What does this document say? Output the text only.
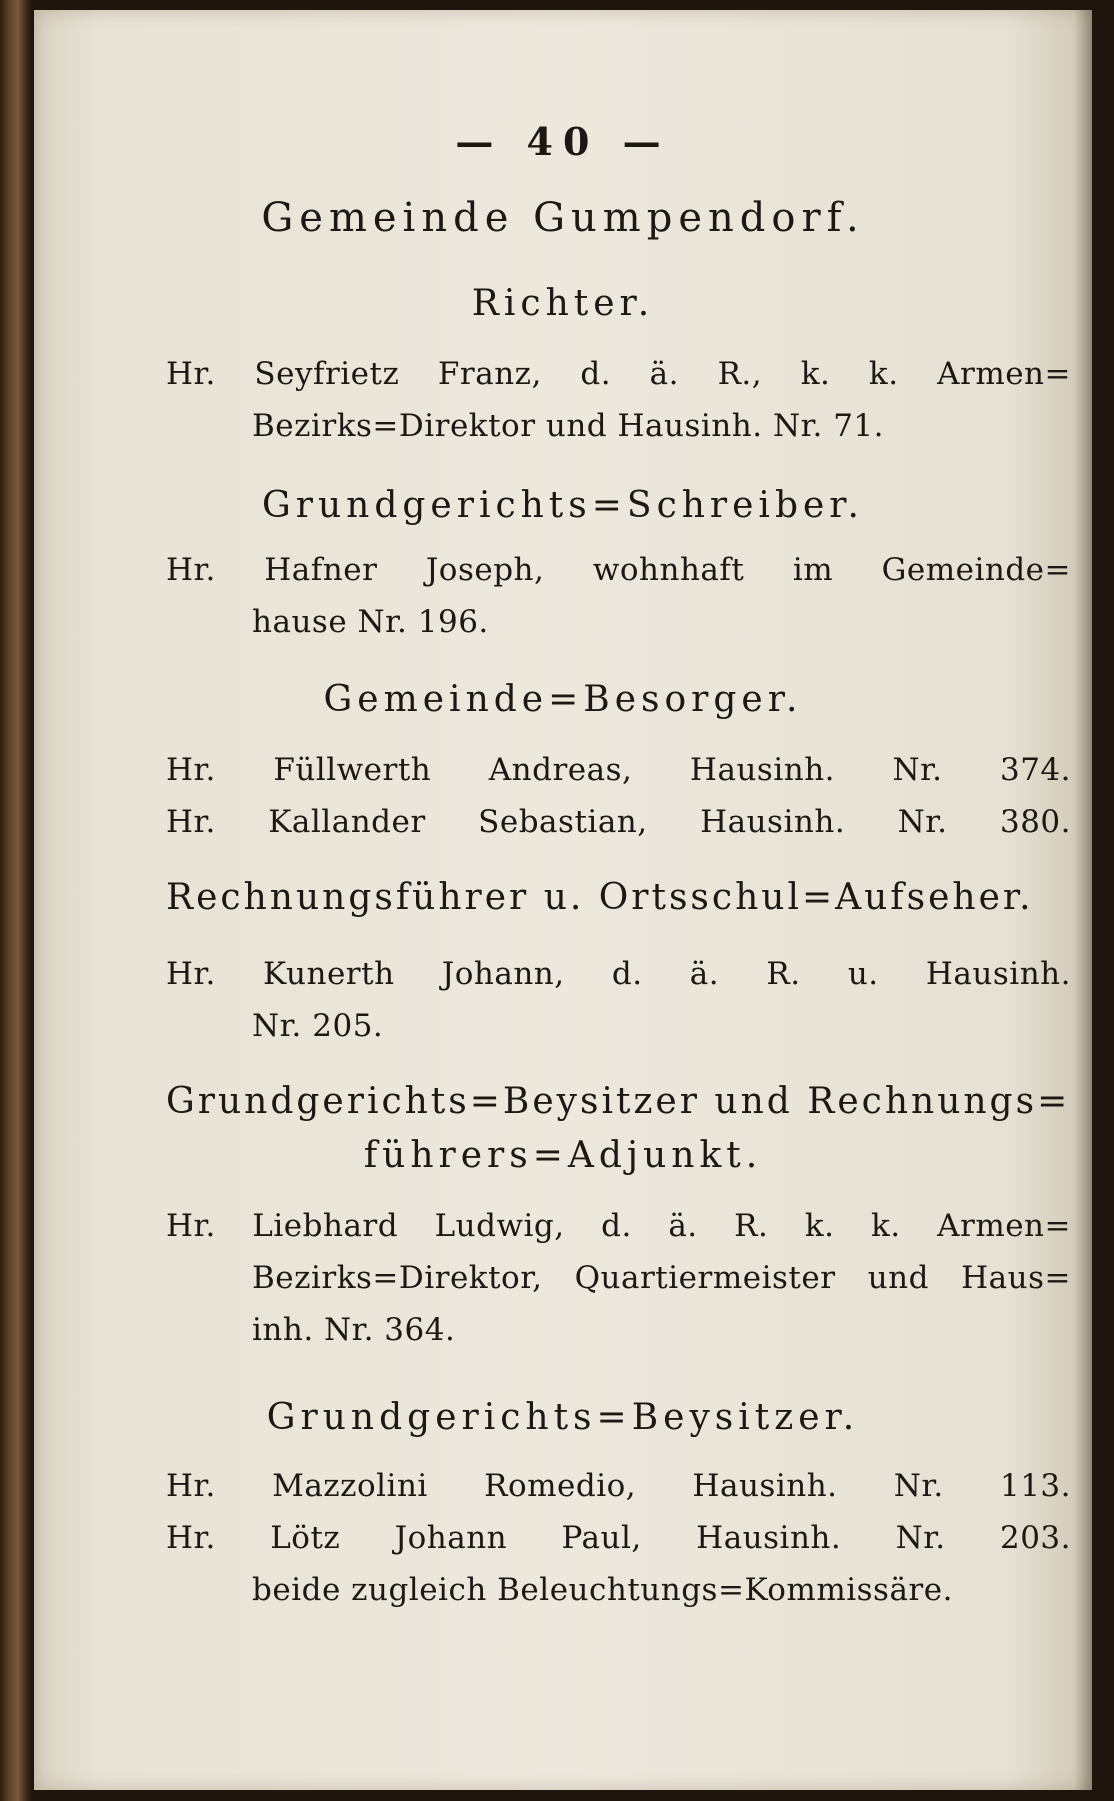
— 40 —
Gemeinde Gumpendorf.
Richter.
Hr. Seyfrietz Franz, d. ä. R., k. k. Armen=
Bezirks=Direktor und Hausinh. Nr. 71.
Grundgerichts=Schreiber.
Hr. Hafner Joseph, wohnhaft im Gemeinde=
hause Nr. 196.
Gemeinde=Besorger.
Hr. Füllwerth Andreas, Hausinh. Nr. 374.
Hr. Kallander Sebastian, Hausinh. Nr. 380.
Rechnungsführer u. Ortsschul=Aufseher.
Hr. Kunerth Johann, d. ä. R. u. Hausinh.
Nr. 205.
Grundgerichts=Beysitzer und Rechnungs=
führers=Adjunkt.
Hr. Liebhard Ludwig, d. ä. R. k. k. Armen=
Bezirks=Direktor, Quartiermeister und Haus=
inh. Nr. 364.
Grundgerichts=Beysitzer.
Hr. Mazzolini Romedio, Hausinh. Nr. 113.
Hr. Lötz Johann Paul, Hausinh. Nr. 203.
beide zugleich Beleuchtungs=Kommissäre.
